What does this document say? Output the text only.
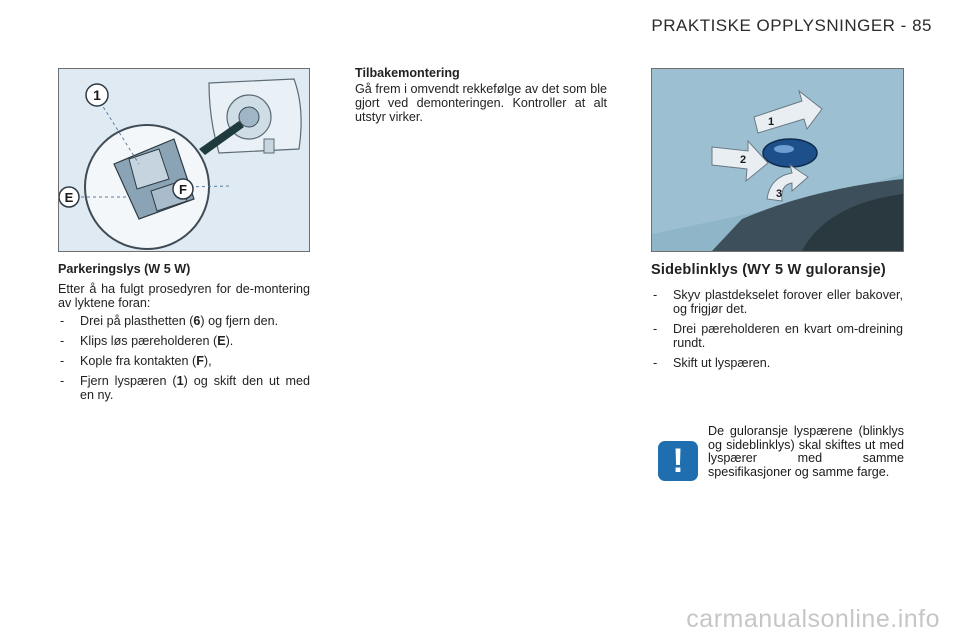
PRAKTISKE OPPLYSNINGER - 85
1
E
F
1
2
3

Parkeringslys (W 5 W)

Etter å ha fulgt prosedyren for de-montering av lyktene foran:

- Drei på plasthetten (6) og fjern den.
- Klips løs pæreholderen (E).
- Kople fra kontakten (F),
- Fjern lyspæren (1) og skift den ut med en ny.

Tilbakemontering

Gå frem i omvendt rekkefølge av det som ble gjort ved demonteringen. Kontroller at alt utstyr virker.

Sideblinklys (WY 5 W guloransje)
- Skyv plastdekselet forover eller bakover, og frigjør det.
- Drei pæreholderen en kvart om-dreining rundt.
- Skift ut lyspæren.
!
De guloransje lyspærene (blinklys og sideblinklys) skal skiftes ut med lyspærer med samme spesifikasjoner og samme farge.
carmanualsonline.info
